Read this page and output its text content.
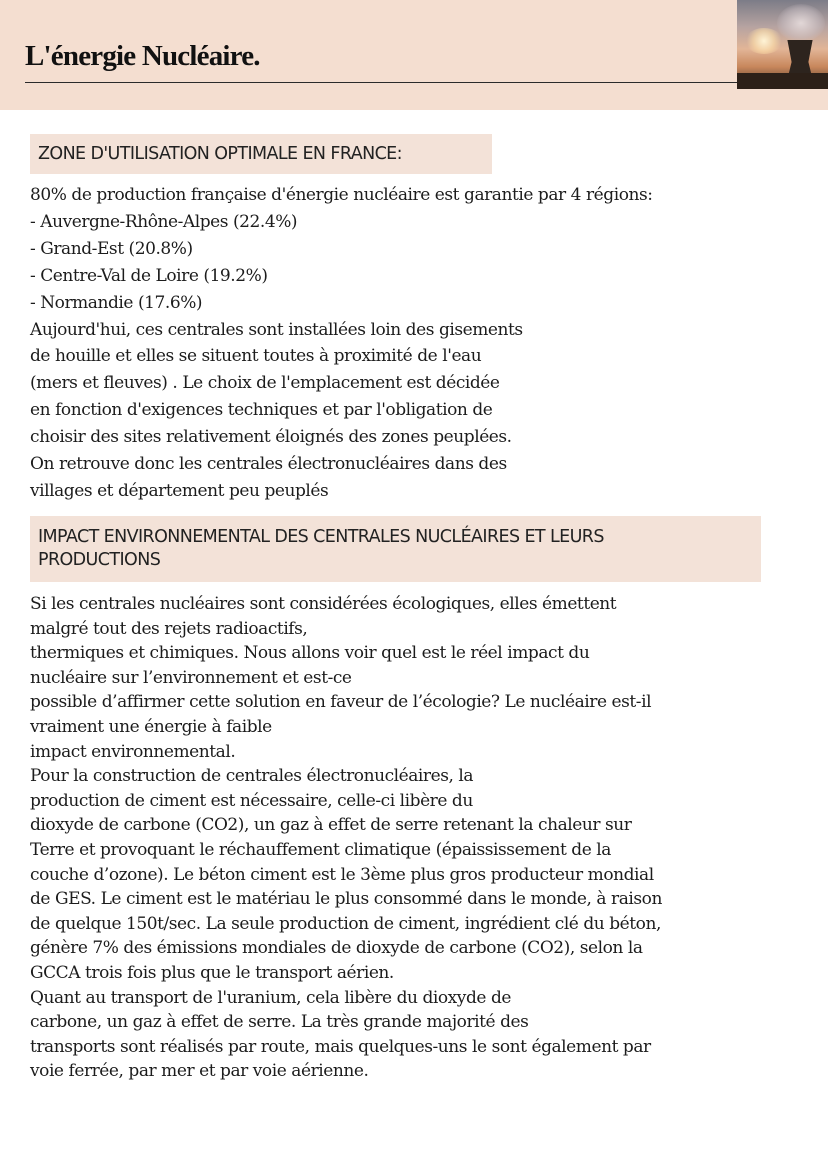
L'énergie Nucléaire.
ZONE D'UTILISATION OPTIMALE EN FRANCE:
80% de production française d'énergie nucléaire est garantie par 4 régions:
- Auvergne-Rhône-Alpes (22.4%)
- Grand-Est (20.8%)
- Centre-Val de Loire (19.2%)
- Normandie (17.6%)
Aujourd'hui, ces centrales sont installées loin des gisements
de houille et elles se situent toutes à proximité de l'eau
(mers et fleuves) . Le choix de l'emplacement est décidée
en fonction d'exigences techniques et par l'obligation de
choisir des sites relativement éloignés des zones peuplées.
On retrouve donc les centrales électronucléaires dans des
villages et département peu peuplés
IMPACT ENVIRONNEMENTAL DES CENTRALES NUCLÉAIRES ET LEURS
PRODUCTIONS
Si les centrales nucléaires sont considérées écologiques, elles émettent
malgré tout des rejets radioactifs,
thermiques et chimiques. Nous allons voir quel est le réel impact du
nucléaire sur l’environnement et est-ce
possible d’affirmer cette solution en faveur de l’écologie? Le nucléaire est-il
vraiment une énergie à faible
impact environnemental.
Pour la construction de centrales électronucléaires, la
production de ciment est nécessaire, celle-ci libère du
dioxyde de carbone (CO2), un gaz à effet de serre retenant la chaleur sur
Terre et provoquant le réchauffement climatique (épaississement de la
couche d’ozone). Le béton ciment est le 3ème plus gros producteur mondial
de GES. Le ciment est le matériau le plus consommé dans le monde, à raison
de quelque 150t/sec. La seule production de ciment, ingrédient clé du béton,
génère 7% des émissions mondiales de dioxyde de carbone (CO2), selon la
GCCA trois fois plus que le transport aérien.
Quant au transport de l'uranium, cela libère du dioxyde de
carbone, un gaz à effet de serre. La très grande majorité des
transports sont réalisés par route, mais quelques-uns le sont également par
voie ferrée, par mer et par voie aérienne.
